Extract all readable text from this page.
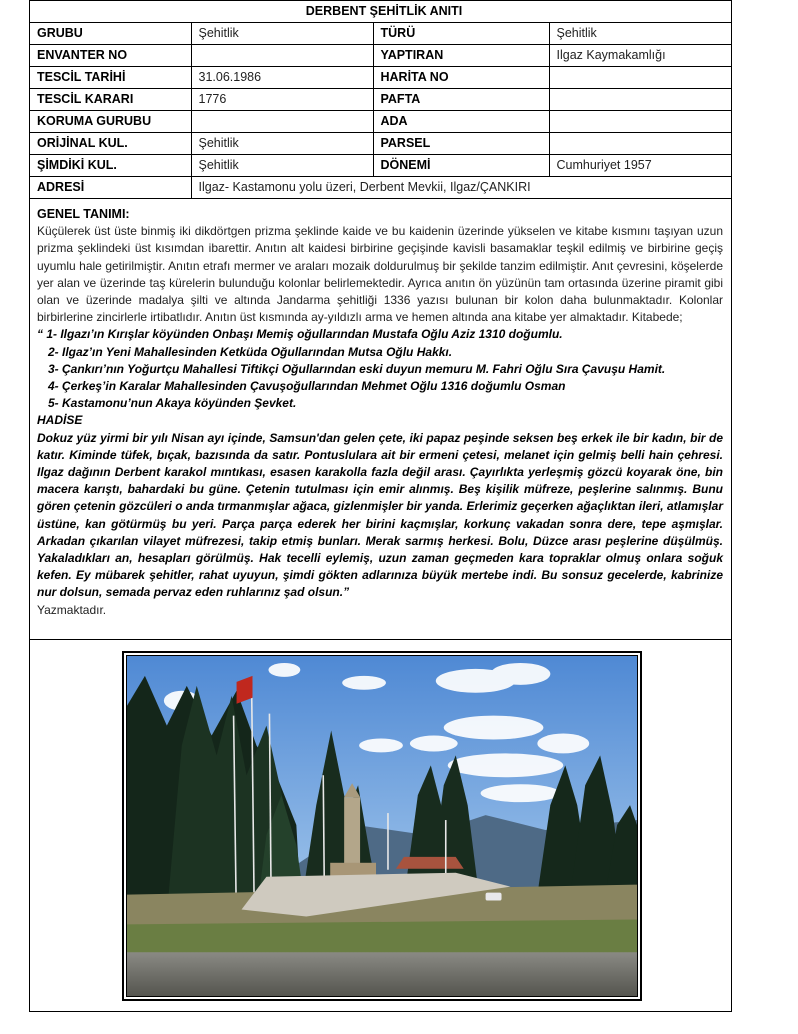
DERBENT ŞEHİTLİK ANITI			
GRUBU	Şehitlik	TÜRÜ	Şehitlik
ENVANTER NO		YAPTIRAN	Ilgaz Kaymakamlığı
TESCİL TARİHİ	31.06.1986	HARİTA NO	
TESCİL KARARI	1776	PAFTA	
KORUMA GURUBU		ADA	
ORİJİNAL KUL.	Şehitlik	PARSEL	
ŞİMDİKİ KUL.	Şehitlik	DÖNEMİ	Cumhuriyet 1957
ADRESİ	Ilgaz- Kastamonu yolu üzeri, Derbent Mevkii, Ilgaz/ÇANKIRI		
GENEL TANIMI:

Küçülerek üst üste binmiş iki dikdörtgen prizma şeklinde kaide ve bu kaidenin üzerinde yükselen ve kitabe kısmını taşıyan uzun prizma şeklindeki üst kısımdan ibarettir. Anıtın alt kaidesi birbirine geçişinde kavisli basamaklar teşkil edilmiş ve birbirine geçiş uyumlu hale getirilmiştir. Anıtın etrafı mermer ve araları mozaik doldurulmuş bir şekilde tanzim edilmiştir. Anıt çevresini, köşelerde yer alan ve üzerinde taş kürelerin bulunduğu kolonlar belirlemektedir. Ayrıca anıtın ön yüzünün tam ortasında üzerine piramit gibi olan ve üzerinde madalya şilti ve altında Jandarma şehitliği 1336 yazısı bulunan bir kolon daha bulunmaktadır. Kolonlar birbirlerine zincirlerle irtibatlıdır. Anıtın üst kısmında ay-yıldızlı arma ve hemen altında ana kitabe yer almaktadır. Kitabede;

“ 1- Ilgazı’ın Kırışlar köyünden Onbaşı Memiş oğullarından Mustafa Oğlu Aziz 1310 doğumlu.
2- Ilgaz’ın Yeni Mahallesinden Ketküda Oğullarından Mutsa Oğlu Hakkı.
3- Çankırı’nın Yoğurtçu Mahallesi Tiftikçi Oğullarından eski duyun memuru M. Fahri Oğlu Sıra Çavuşu Hamit.
4- Çerkeş’in Karalar Mahallesinden Çavuşoğullarından Mehmet Oğlu 1316 doğumlu Osman
5- Kastamonu’nun Akaya köyünden Şevket.

HADİSE

Dokuz yüz yirmi bir yılı Nisan ayı içinde, Samsun'dan gelen çete, iki papaz peşinde seksen beş erkek ile bir kadın, bir de katır. Kiminde tüfek, bıçak, bazısında da satır. Pontuslulara ait bir ermeni çetesi, melanet için gelmiş belli hain çehresi. Ilgaz dağının Derbent karakol mıntıkası, esasen karakolla fazla değil arası. Çayırlıkta yerleşmiş gözcü koyarak öne, bin macera karıştı, bahardaki bu güne. Çetenin tutulması için emir alınmış. Beş kişilik müfreze, peşlerine salınmış. Bunu gören çetenin gözcüleri o anda tırmanmışlar ağaca, gizlenmişler bir yanda. Erlerimiz geçerken ağaçlıktan ileri, atlamışlar üstüne, kan götürmüş bu yeri. Parça parça ederek her birini kaçmışlar, korkunç vakadan sonra dere, tepe aşmışlar. Arkadan çıkarılan vilayet müfrezesi, takip etmiş bunları. Merak sarmış herkesi. Bolu, Düzce arası peşlerine düşülmüş. Yakaladıkları an, hesapları görülmüş. Hak tecelli eylemiş, uzun zaman geçmeden kara topraklar olmuş onlara soğuk kefen. Ey mübarek şehitler, rahat uyuyun, şimdi gökten adlarınıza büyük mertebe indi. Bu sonsuz gecelerde, kabrinize nur dolsun, semada pervaz eden ruhlarınız şad olsun.”

Yazmaktadır.
